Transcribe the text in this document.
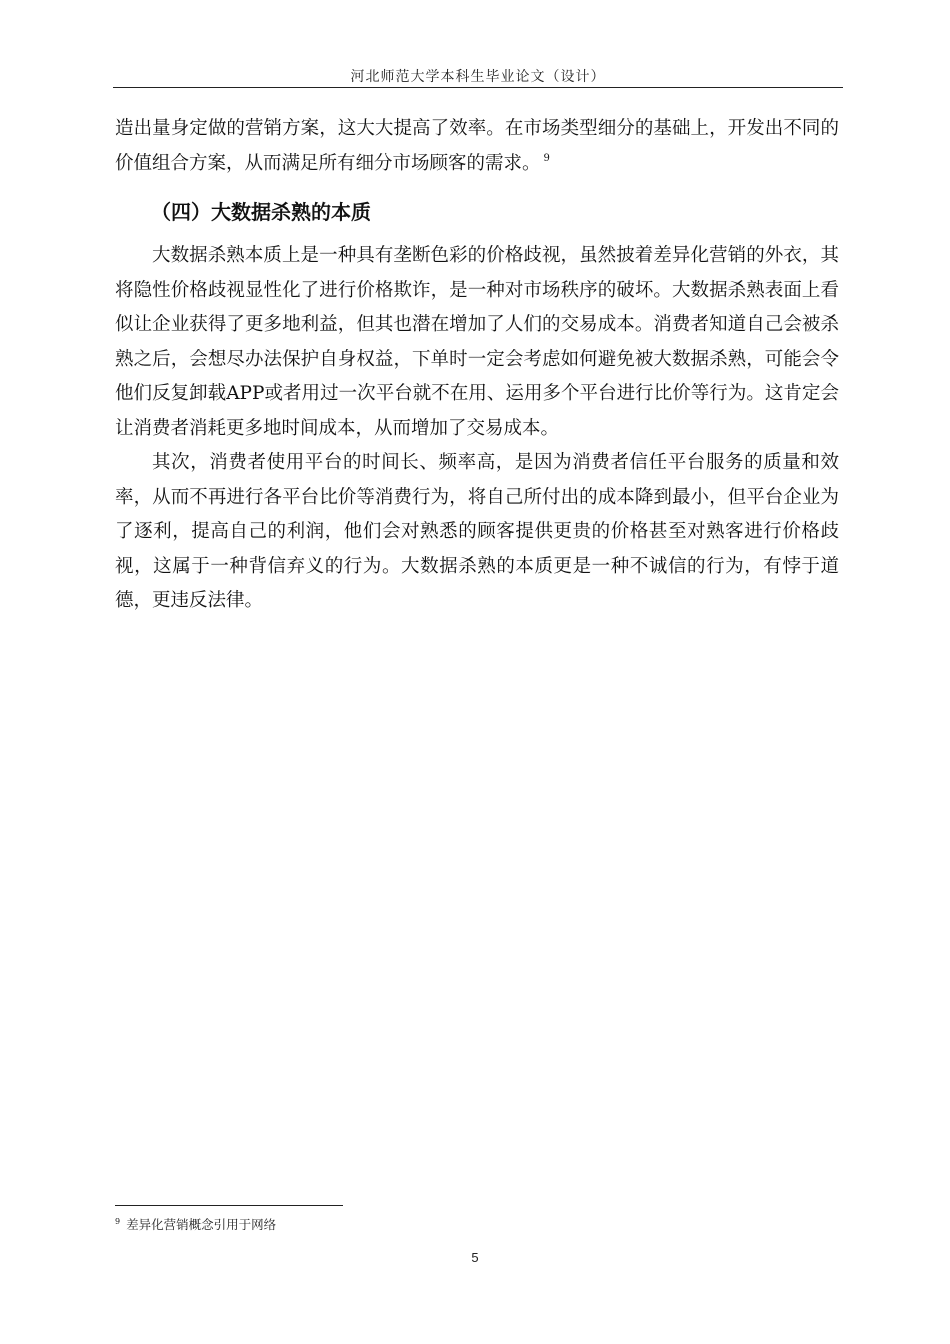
河北师范大学本科生毕业论文（设计）

造出量身定做的营销方案，这大大提高了效率。在市场类型细分的基础上，开发出不同的价值组合方案，从而满足所有细分市场顾客的需求。 $^9$

（四）大数据杀熟的本质

大数据杀熟本质上是一种具有垄断色彩的价格歧视，虽然披着差异化营销的外衣，其将隐性价格歧视显性化了进行价格欺诈，是一种对市场秩序的破坏。大数据杀熟表面上看似让企业获得了更多地利益，但其也潜在增加了人们的交易成本。消费者知道自己会被杀熟之后，会想尽办法保护自身权益，下单时一定会考虑如何避免被大数据杀熟，可能会令他们反复卸载APP或者用过一次平台就不在用、运用多个平台进行比价等行为。这肯定会让消费者消耗更多地时间成本，从而增加了交易成本。

其次，消费者使用平台的时间长、频率高，是因为消费者信任平台服务的质量和效率，从而不再进行各平台比价等消费行为，将自己所付出的成本降到最小，但平台企业为了逐利，提高自己的利润，他们会对熟悉的顾客提供更贵的价格甚至对熟客进行价格歧视，这属于一种背信弃义的行为。大数据杀熟的本质更是一种不诚信的行为，有悖于道德，更违反法律。

$^9$ 差异化营销概念引用于网络
5
